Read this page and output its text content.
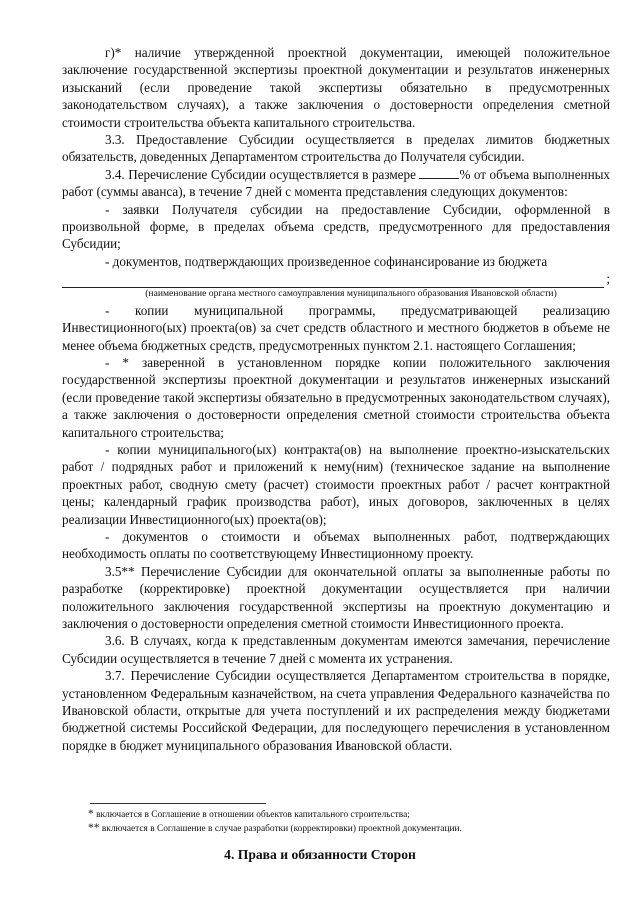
г)* наличие утвержденной проектной документации, имеющей положительное заключение государственной экспертизы проектной документации и результатов инженерных изысканий (если проведение такой экспертизы обязательно в предусмотренных законодательством случаях), а также заключения о достоверности определения сметной стоимости строительства объекта капитального строительства.

3.3. Предоставление Субсидии осуществляется в пределах лимитов бюджетных обязательств, доведенных Департаментом строительства до Получателя субсидии.

3.4. Перечисление Субсидии осуществляется в размере	% от объема выполненных работ (суммы аванса), в течение 7 дней с момента представления следующих документов:

- заявки Получателя субсидии на предоставление Субсидии, оформленной в произвольной форме, в пределах объема средств, предусмотренного для предоставления Субсидии;

- документов, подтверждающих произведенное софинансирование из бюджета

;
(наименование органа местного самоуправления муниципального образования Ивановской области)

- копии муниципальной программы, предусматривающей реализацию Инвестиционного(ых) проекта(ов) за счет средств областного и местного бюджетов в объеме не менее объема бюджетных средств, предусмотренных пунктом 2.1. настоящего Соглашения;

- * заверенной в установленном порядке копии положительного заключения государственной экспертизы проектной документации и результатов инженерных изысканий (если проведение такой экспертизы обязательно в предусмотренных законодательством случаях), а также заключения о достоверности определения сметной стоимости строительства объекта капитального строительства;

- копии муниципального(ых) контракта(ов) на выполнение проектно-изыскательских работ / подрядных работ и приложений к нему(ним) (техническое задание на выполнение проектных работ, сводную смету (расчет) стоимости проектных работ / расчет контрактной цены; календарный график производства работ), иных договоров, заключенных в целях реализации Инвестиционного(ых) проекта(ов);

- документов о стоимости и объемах выполненных работ, подтверждающих необходимость оплаты по соответствующему Инвестиционному проекту.

3.5** Перечисление Субсидии для окончательной оплаты за выполненные работы по разработке (корректировке) проектной документации осуществляется при наличии положительного заключения государственной экспертизы на проектную документацию и заключения о достоверности определения сметной стоимости Инвестиционного проекта.

3.6. В случаях, когда к представленным документам имеются замечания, перечисление Субсидии осуществляется в течение 7 дней с момента их устранения.

3.7. Перечисление Субсидии осуществляется Департаментом строительства в порядке, установленном Федеральным казначейством, на счета управления Федерального казначейства по Ивановской области, открытые для учета поступлений и их распределения между бюджетами бюджетной системы Российской Федерации, для последующего перечисления в установленном порядке в бюджет муниципального образования Ивановской области.

* включается в Соглашение в отношении объектов капитального строительства;

** включается в Соглашение в случае разработки (корректировки) проектной документации.

4. Права и обязанности Сторон
